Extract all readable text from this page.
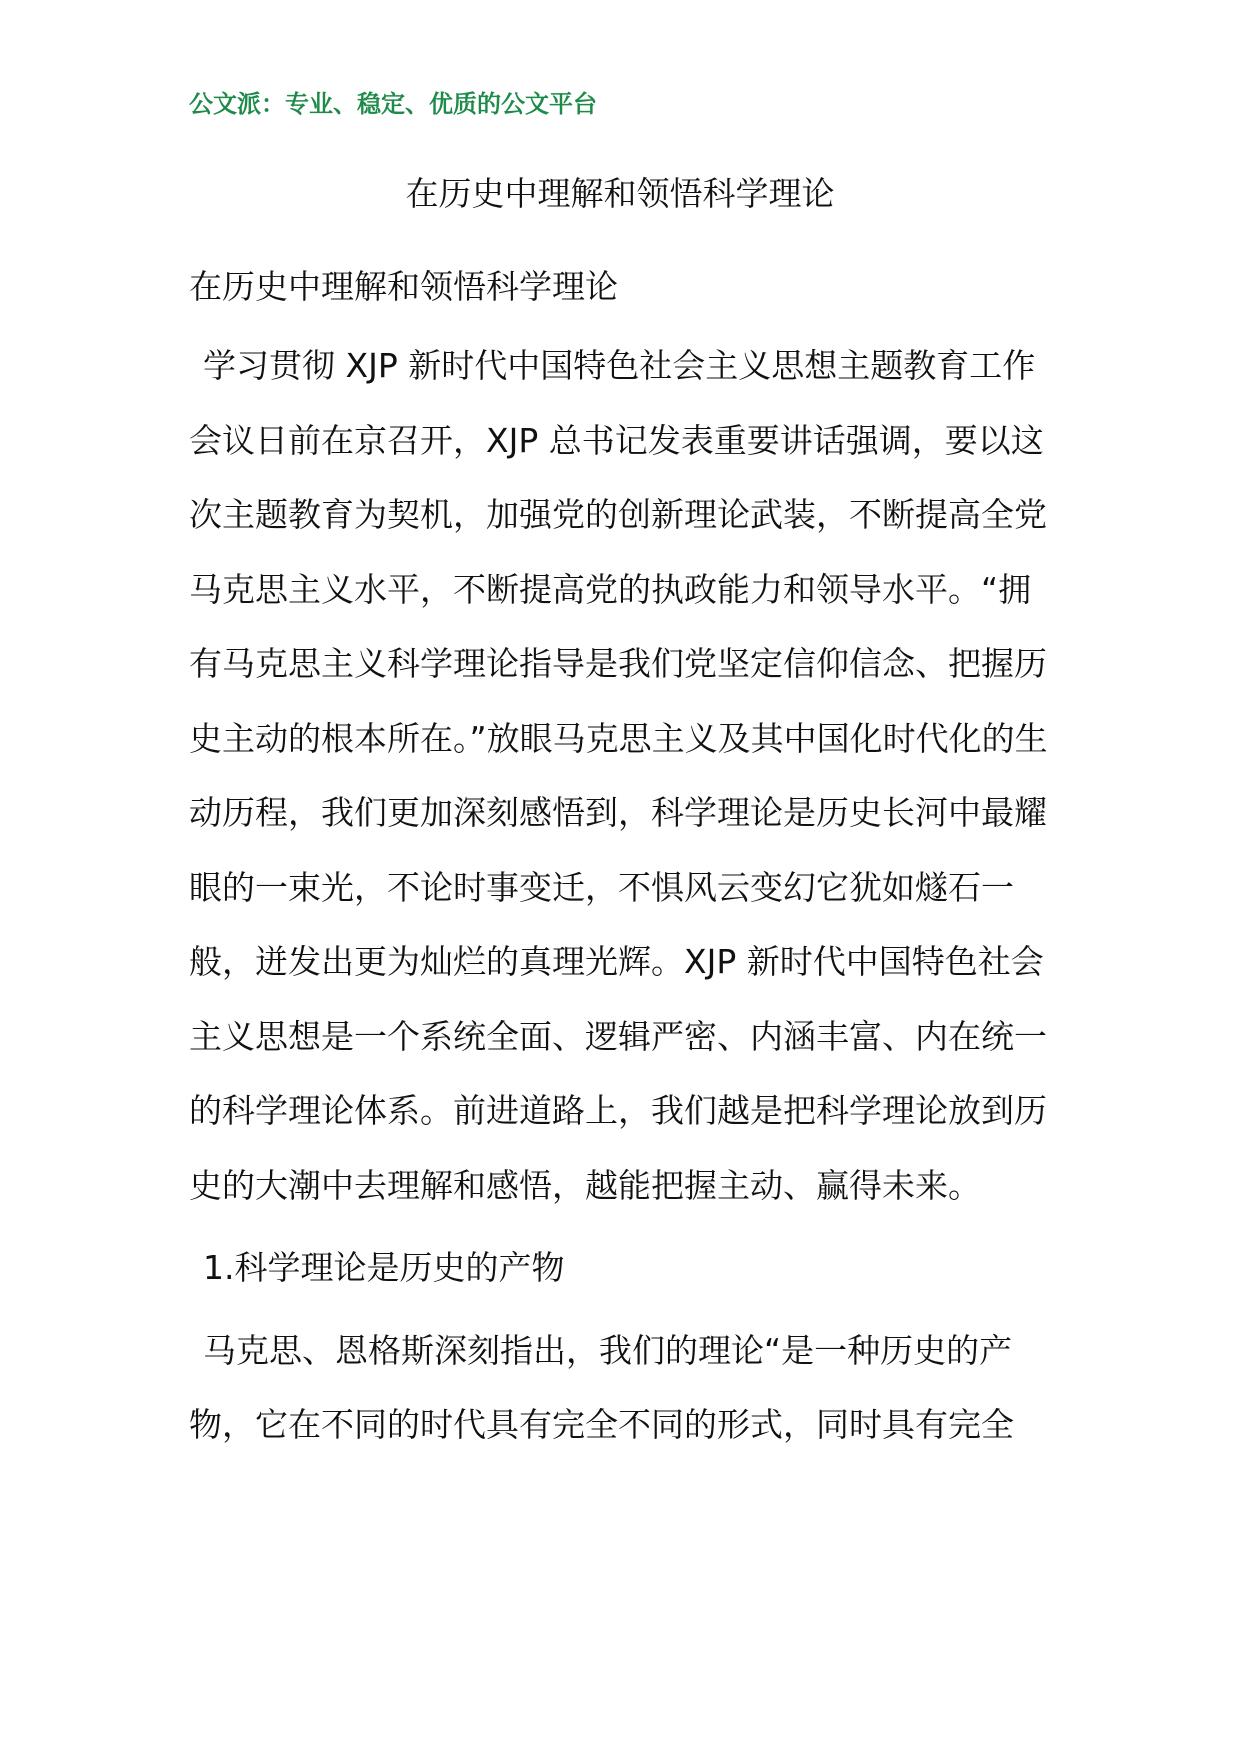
公文派：专业、稳定、优质的公文平台
在历史中理解和领悟科学理论

在历史中理解和领悟科学理论

学习贯彻 XJP 新时代中国特色社会主义思想主题教育工作会议日前在京召开，XJP 总书记发表重要讲话强调，要以这次主题教育为契机，加强党的创新理论武装，不断提高全党马克思主义水平，不断提高党的执政能力和领导水平。“拥有马克思主义科学理论指导是我们党坚定信仰信念、把握历史主动的根本所在。”放眼马克思主义及其中国化时代化的生动历程，我们更加深刻感悟到，科学理论是历史长河中最耀眼的一束光，不论时事变迁，不惧风云变幻它犹如燧石一般，迸发出更为灿烂的真理光辉。XJP 新时代中国特色社会主义思想是一个系统全面、逻辑严密、内涵丰富、内在统一的科学理论体系。前进道路上，我们越是把科学理论放到历史的大潮中去理解和感悟，越能把握主动、赢得未来。

1.科学理论是历史的产物

马克思、恩格斯深刻指出，我们的理论“是一种历史的产物，它在不同的时代具有完全不同的形式，同时具有完全
